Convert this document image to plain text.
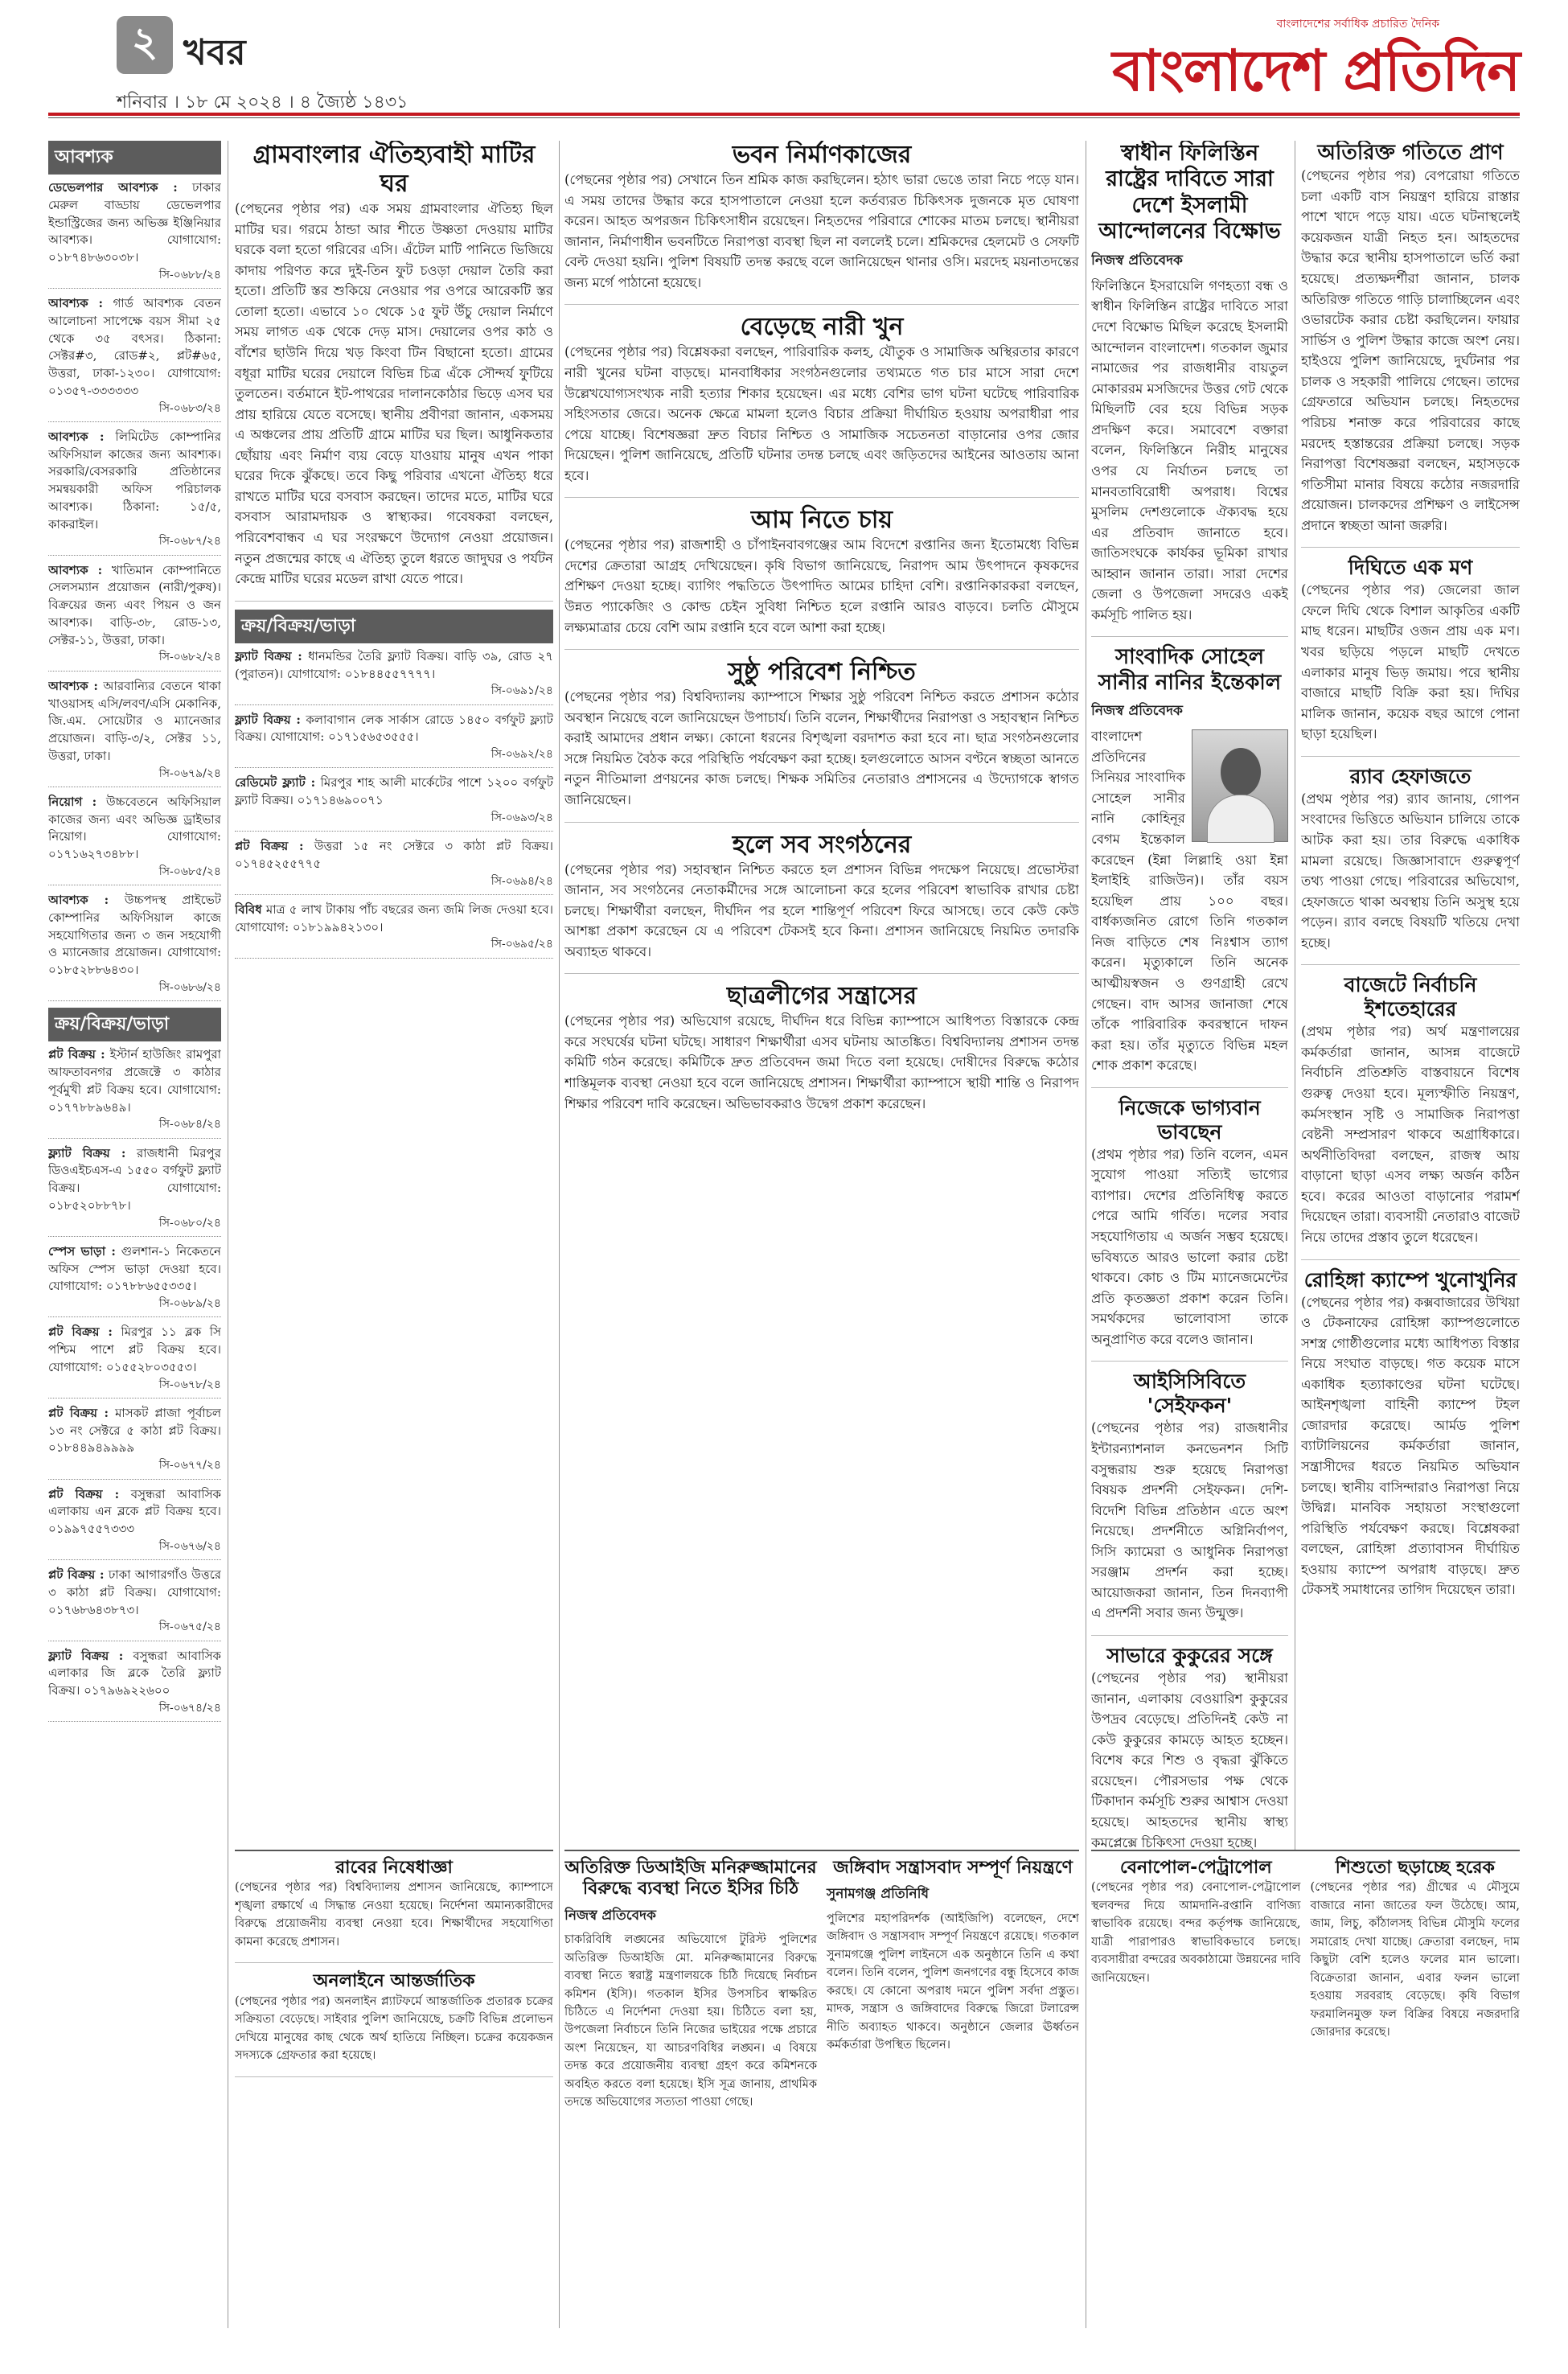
২ খবর
শনিবার । ১৮ মে ২০২৪ । ৪ জ্যৈষ্ঠ ১৪৩১
বাংলাদেশের সর্বাধিক প্রচারিত দৈনিক
বাংলাদেশ প্রতিদিন
আবশ্যক
ডেভেলপার আবশ্যক : ঢাকার মেরুল বাড্ডায় ডেভেলপার ইন্ডাস্ট্রিজের জন্য অভিজ্ঞ ইঞ্জিনিয়ার আবশ্যক। যোগাযোগ: ০১৮৭৪৮৬৩০৩৮।
সি-০৬৮৮/২৪
আবশ্যক : গার্ড আবশ্যক বেতন আলোচনা সাপেক্ষে বয়স সীমা ২৫ থেকে ৩৫ বৎসর। ঠিকানা: সেক্টর#৩, রোড#২, প্লট#৬৫, উত্তরা, ঢাকা-১২৩০। যোগাযোগ: ০১৩৫৭-৩৩৩৩৩৩
সি-০৬৮৩/২৪
আবশ্যক : লিমিটেড কোম্পানির অফিসিয়াল কাজের জন্য আবশ্যক। সরকারি/বেসরকারি প্রতিষ্ঠানের সমন্বয়কারী অফিস পরিচালক আবশ্যক। ঠিকানা: ১৫/৫, কাকরাইল।
সি-০৬৮৭/২৪
আবশ্যক : খাতিমান কোম্পানিতে সেলসম্যান প্রয়োজন (নারী/পুরুষ)। বিক্রয়ের জন্য এবং পিয়ন ও জন আবশ্যক। বাড়ি-৩৮, রোড-১৩, সেক্টর-১১, উত্তরা, ঢাকা।
সি-০৬৮২/২৪
আবশ্যক : আরবান্যির বেতনে থাকা খাওয়াসহ এসি/লবণ/এসি মেকানিক, জি.এম. সোয়েটার ও ম্যানেজার প্রয়োজন। বাড়ি-৩/২, সেক্টর ১১, উত্তরা, ঢাকা।
সি-০৬৭৯/২৪
নিয়োগ : উচ্চবেতনে অফিসিয়াল কাজের জন্য এবং অভিজ্ঞ ড্রাইভার নিয়োগ। যোগাযোগ: ০১৭১৬২৭৩৪৮৮।
সি-০৬৮৫/২৪
আবশ্যক : উচ্চপদস্থ প্রাইভেট কোম্পানির অফিসিয়াল কাজে সহযোগিতার জন্য ৩ জন সহযোগী ও ম্যানেজার প্রয়োজন। যোগাযোগ: ০১৮৫২৮৮৬৪৩০।
সি-০৬৮৬/২৪
ক্রয়/বিক্রয়/ভাড়া
প্লট বিক্রয় : ইস্টার্ন হাউজিং রামপুরা আফতাবনগর প্রজেক্টে ৩ কাঠার পূর্বমুখী প্লট বিক্রয় হবে। যোগাযোগ: ০১৭৭৮৮৯৬৪৯।
সি-০৬৮৪/২৪
ফ্ল্যাট বিক্রয় : রাজধানী মিরপুর ডিওএইচএস-এ ১৫৫০ বর্গফুট ফ্ল্যাট বিক্রয়। যোগাযোগ: ০১৮৫২০৮৮৭৮।
সি-০৬৮০/২৪
স্পেস ভাড়া : গুলশান-১ নিকেতনে অফিস স্পেস ভাড়া দেওয়া হবে। যোগাযোগ: ০১৭৮৮৬৫৫৩৩৫।
সি-০৬৮৯/২৪
প্লট বিক্রয় : মিরপুর ১১ ব্লক সি পশ্চিম পাশে প্লট বিক্রয় হবে। যোগাযোগ: ০১৫৫২৮০৩৫৫৩।
সি-০৬৭৮/২৪
প্লট বিক্রয় : মাসকট প্লাজা পূর্বাচল ১৩ নং সেক্টরে ৫ কাঠা প্লট বিক্রয়। ০১৮৪৪৯৪৯৯৯৯
সি-০৬৭৭/২৪
প্লট বিক্রয় : বসুন্ধরা আবাসিক এলাকায় এন ব্লকে প্লট বিক্রয় হবে। ০১৯৯৭৫৫৭৩৩৩
সি-০৬৭৬/২৪
প্লট বিক্রয় : ঢাকা আগারগাঁও উত্তরে ৩ কাঠা প্লট বিক্রয়। যোগাযোগ: ০১৭৬৮৬৪৩৮৭৩।
সি-০৬৭৫/২৪
ফ্ল্যাট বিক্রয় : বসুন্ধরা আবাসিক এলাকার জি ব্লকে তৈরি ফ্ল্যাট বিক্রয়। ০১৭৯৬৯২২৬০০
সি-০৬৭৪/২৪
গ্রামবাংলার ঐতিহ্যবাহী মাটির ঘর

(পেছনের পৃষ্ঠার পর) এক সময় গ্রামবাংলার ঐতিহ্য ছিল মাটির ঘর। গরমে ঠান্ডা আর শীতে উষ্ণতা দেওয়ায় মাটির ঘরকে বলা হতো গরিবের এসি। এঁটেল মাটি পানিতে ভিজিয়ে কাদায় পরিণত করে দুই-তিন ফুট চওড়া দেয়াল তৈরি করা হতো। প্রতিটি স্তর শুকিয়ে নেওয়ার পর ওপরে আরেকটি স্তর তোলা হতো। এভাবে ১০ থেকে ১৫ ফুট উঁচু দেয়াল নির্মাণে সময় লাগত এক থেকে দেড় মাস। দেয়ালের ওপর কাঠ ও বাঁশের ছাউনি দিয়ে খড় কিংবা টিন বিছানো হতো। গ্রামের বধূরা মাটির ঘরের দেয়ালে বিভিন্ন চিত্র এঁকে সৌন্দর্য ফুটিয়ে তুলতেন। বর্তমানে ইট-পাথরের দালানকোঠার ভিড়ে এসব ঘর প্রায় হারিয়ে যেতে বসেছে। স্থানীয় প্রবীণরা জানান, একসময় এ অঞ্চলের প্রায় প্রতিটি গ্রামে মাটির ঘর ছিল। আধুনিকতার ছোঁয়ায় এবং নির্মাণ ব্যয় বেড়ে যাওয়ায় মানুষ এখন পাকা ঘরের দিকে ঝুঁকছে। তবে কিছু পরিবার এখনো ঐতিহ্য ধরে রাখতে মাটির ঘরে বসবাস করছেন। তাদের মতে, মাটির ঘরে বসবাস আরামদায়ক ও স্বাস্থ্যকর। গবেষকরা বলছেন, পরিবেশবান্ধব এ ঘর সংরক্ষণে উদ্যোগ নেওয়া প্রয়োজন। নতুন প্রজন্মের কাছে এ ঐতিহ্য তুলে ধরতে জাদুঘর ও পর্যটন কেন্দ্রে মাটির ঘরের মডেল রাখা যেতে পারে।

ক্রয়/বিক্রয়/ভাড়া
ফ্ল্যাট বিক্রয় : ধানমন্ডির তৈরি ফ্ল্যাট বিক্রয়। বাড়ি ৩৯, রোড ২৭ (পুরাতন)। যোগাযোগ: ০১৮৪৪৫৫৭৭৭৭।
সি-০৬৯১/২৪
ফ্ল্যাট বিক্রয় : কলাবাগান লেক সার্কাস রোডে ১৪৫০ বর্গফুট ফ্ল্যাট বিক্রয়। যোগাযোগ: ০১৭১৫৬৫৩৫৫৫।
সি-০৬৯২/২৪
রেডিমেট ফ্ল্যাট : মিরপুর শাহ আলী মার্কেটের পাশে ১২০০ বর্গফুট ফ্ল্যাট বিক্রয়। ০১৭১৪৬৯০০৭১
সি-০৬৯৩/২৪
প্লট বিক্রয় : উত্তরা ১৫ নং সেক্টরে ৩ কাঠা প্লট বিক্রয়। ০১৭৪৫২৫৫৭৭৫
সি-০৬৯৪/২৪
বিবিধ মাত্র ৫ লাখ টাকায় পাঁচ বছরের জন্য জমি লিজ দেওয়া হবে। যোগাযোগ: ০১৮১৯৯৪২১৩০।
সি-০৬৯৫/২৪
ভবন নির্মাণকাজের

(পেছনের পৃষ্ঠার পর) সেখানে তিন শ্রমিক কাজ করছিলেন। হঠাৎ ভারা ভেঙে তারা নিচে পড়ে যান। এ সময় তাদের উদ্ধার করে হাসপাতালে নেওয়া হলে কর্তব্যরত চিকিৎসক দুজনকে মৃত ঘোষণা করেন। আহত অপরজন চিকিৎসাধীন রয়েছেন। নিহতদের পরিবারে শোকের মাতম চলছে। স্থানীয়রা জানান, নির্মাণাধীন ভবনটিতে নিরাপত্তা ব্যবস্থা ছিল না বললেই চলে। শ্রমিকদের হেলমেট ও সেফটি বেল্ট দেওয়া হয়নি। পুলিশ বিষয়টি তদন্ত করছে বলে জানিয়েছেন থানার ওসি। মরদেহ ময়নাতদন্তের জন্য মর্গে পাঠানো হয়েছে।

বেড়েছে নারী খুন

(পেছনের পৃষ্ঠার পর) বিশ্লেষকরা বলছেন, পারিবারিক কলহ, যৌতুক ও সামাজিক অস্থিরতার কারণে নারী খুনের ঘটনা বাড়ছে। মানবাধিকার সংগঠনগুলোর তথ্যমতে গত চার মাসে সারা দেশে উল্লেখযোগ্যসংখ্যক নারী হত্যার শিকার হয়েছেন। এর মধ্যে বেশির ভাগ ঘটনা ঘটেছে পারিবারিক সহিংসতার জেরে। অনেক ক্ষেত্রে মামলা হলেও বিচার প্রক্রিয়া দীর্ঘায়িত হওয়ায় অপরাধীরা পার পেয়ে যাচ্ছে। বিশেষজ্ঞরা দ্রুত বিচার নিশ্চিত ও সামাজিক সচেতনতা বাড়ানোর ওপর জোর দিয়েছেন। পুলিশ জানিয়েছে, প্রতিটি ঘটনার তদন্ত চলছে এবং জড়িতদের আইনের আওতায় আনা হবে।

আম নিতে চায়

(পেছনের পৃষ্ঠার পর) রাজশাহী ও চাঁপাইনবাবগঞ্জের আম বিদেশে রপ্তানির জন্য ইতোমধ্যে বিভিন্ন দেশের ক্রেতারা আগ্রহ দেখিয়েছেন। কৃষি বিভাগ জানিয়েছে, নিরাপদ আম উৎপাদনে কৃষকদের প্রশিক্ষণ দেওয়া হচ্ছে। ব্যাগিং পদ্ধতিতে উৎপাদিত আমের চাহিদা বেশি। রপ্তানিকারকরা বলছেন, উন্নত প্যাকেজিং ও কোল্ড চেইন সুবিধা নিশ্চিত হলে রপ্তানি আরও বাড়বে। চলতি মৌসুমে লক্ষ্যমাত্রার চেয়ে বেশি আম রপ্তানি হবে বলে আশা করা হচ্ছে।

সুষ্ঠু পরিবেশ নিশ্চিত

(পেছনের পৃষ্ঠার পর) বিশ্ববিদ্যালয় ক্যাম্পাসে শিক্ষার সুষ্ঠু পরিবেশ নিশ্চিত করতে প্রশাসন কঠোর অবস্থান নিয়েছে বলে জানিয়েছেন উপাচার্য। তিনি বলেন, শিক্ষার্থীদের নিরাপত্তা ও সহাবস্থান নিশ্চিত করাই আমাদের প্রধান লক্ষ্য। কোনো ধরনের বিশৃঙ্খলা বরদাশত করা হবে না। ছাত্র সংগঠনগুলোর সঙ্গে নিয়মিত বৈঠক করে পরিস্থিতি পর্যবেক্ষণ করা হচ্ছে। হলগুলোতে আসন বণ্টনে স্বচ্ছতা আনতে নতুন নীতিমালা প্রণয়নের কাজ চলছে। শিক্ষক সমিতির নেতারাও প্রশাসনের এ উদ্যোগকে স্বাগত জানিয়েছেন।

হলে সব সংগঠনের

(পেছনের পৃষ্ঠার পর) সহাবস্থান নিশ্চিত করতে হল প্রশাসন বিভিন্ন পদক্ষেপ নিয়েছে। প্রভোস্টরা জানান, সব সংগঠনের নেতাকর্মীদের সঙ্গে আলোচনা করে হলের পরিবেশ স্বাভাবিক রাখার চেষ্টা চলছে। শিক্ষার্থীরা বলছেন, দীর্ঘদিন পর হলে শান্তিপূর্ণ পরিবেশ ফিরে আসছে। তবে কেউ কেউ আশঙ্কা প্রকাশ করেছেন যে এ পরিবেশ টেকসই হবে কিনা। প্রশাসন জানিয়েছে নিয়মিত তদারকি অব্যাহত থাকবে।

ছাত্রলীগের সন্ত্রাসের

(পেছনের পৃষ্ঠার পর) অভিযোগ রয়েছে, দীর্ঘদিন ধরে বিভিন্ন ক্যাম্পাসে আধিপত্য বিস্তারকে কেন্দ্র করে সংঘর্ষের ঘটনা ঘটছে। সাধারণ শিক্ষার্থীরা এসব ঘটনায় আতঙ্কিত। বিশ্ববিদ্যালয় প্রশাসন তদন্ত কমিটি গঠন করেছে। কমিটিকে দ্রুত প্রতিবেদন জমা দিতে বলা হয়েছে। দোষীদের বিরুদ্ধে কঠোর শাস্তিমূলক ব্যবস্থা নেওয়া হবে বলে জানিয়েছে প্রশাসন। শিক্ষার্থীরা ক্যাম্পাসে স্থায়ী শান্তি ও নিরাপদ শিক্ষার পরিবেশ দাবি করেছেন। অভিভাবকরাও উদ্বেগ প্রকাশ করেছেন।

স্বাধীন ফিলিস্তিন রাষ্ট্রের দাবিতে সারা দেশে ইসলামী আন্দোলনের বিক্ষোভ
নিজস্ব প্রতিবেদক

ফিলিস্তিনে ইসরায়েলি গণহত্যা বন্ধ ও স্বাধীন ফিলিস্তিন রাষ্ট্রের দাবিতে সারা দেশে বিক্ষোভ মিছিল করেছে ইসলামী আন্দোলন বাংলাদেশ। গতকাল জুমার নামাজের পর রাজধানীর বায়তুল মোকাররম মসজিদের উত্তর গেট থেকে মিছিলটি বের হয়ে বিভিন্ন সড়ক প্রদক্ষিণ করে। সমাবেশে বক্তারা বলেন, ফিলিস্তিনে নিরীহ মানুষের ওপর যে নির্যাতন চলছে তা মানবতাবিরোধী অপরাধ। বিশ্বের মুসলিম দেশগুলোকে ঐক্যবদ্ধ হয়ে এর প্রতিবাদ জানাতে হবে। জাতিসংঘকে কার্যকর ভূমিকা রাখার আহ্বান জানান তারা। সারা দেশের জেলা ও উপজেলা সদরেও একই কর্মসূচি পালিত হয়।

সাংবাদিক সোহেল সানীর নানির ইন্তেকাল
নিজস্ব প্রতিবেদক

বাংলাদেশ প্রতিদিনের সিনিয়র সাংবাদিক সোহেল সানীর নানি কোহিনূর বেগম ইন্তেকাল করেছেন (ইন্না লিল্লাহি ওয়া ইন্না ইলাইহি রাজিউন)। তাঁর বয়স হয়েছিল প্রায় ১০০ বছর। বার্ধক্যজনিত রোগে তিনি গতকাল নিজ বাড়িতে শেষ নিঃশ্বাস ত্যাগ করেন। মৃত্যুকালে তিনি অনেক আত্মীয়স্বজন ও গুণগ্রাহী রেখে গেছেন। বাদ আসর জানাজা শেষে তাঁকে পারিবারিক কবরস্থানে দাফন করা হয়। তাঁর মৃত্যুতে বিভিন্ন মহল শোক প্রকাশ করেছে।

নিজেকে ভাগ্যবান ভাবছেন

(প্রথম পৃষ্ঠার পর) তিনি বলেন, এমন সুযোগ পাওয়া সত্যিই ভাগ্যের ব্যাপার। দেশের প্রতিনিধিত্ব করতে পেরে আমি গর্বিত। দলের সবার সহযোগিতায় এ অর্জন সম্ভব হয়েছে। ভবিষ্যতে আরও ভালো করার চেষ্টা থাকবে। কোচ ও টিম ম্যানেজমেন্টের প্রতি কৃতজ্ঞতা প্রকাশ করেন তিনি। সমর্থকদের ভালোবাসা তাকে অনুপ্রাণিত করে বলেও জানান।

আইসিসিবিতে 'সেইফকন'

(পেছনের পৃষ্ঠার পর) রাজধানীর ইন্টারন্যাশনাল কনভেনশন সিটি বসুন্ধরায় শুরু হয়েছে নিরাপত্তা বিষয়ক প্রদর্শনী সেইফকন। দেশি-বিদেশি বিভিন্ন প্রতিষ্ঠান এতে অংশ নিয়েছে। প্রদর্শনীতে অগ্নিনির্বাপণ, সিসি ক্যামেরা ও আধুনিক নিরাপত্তা সরঞ্জাম প্রদর্শন করা হচ্ছে। আয়োজকরা জানান, তিন দিনব্যাপী এ প্রদর্শনী সবার জন্য উন্মুক্ত।

সাভারে কুকুরের সঙ্গে

(পেছনের পৃষ্ঠার পর) স্থানীয়রা জানান, এলাকায় বেওয়ারিশ কুকুরের উপদ্রব বেড়েছে। প্রতিদিনই কেউ না কেউ কুকুরের কামড়ে আহত হচ্ছেন। বিশেষ করে শিশু ও বৃদ্ধরা ঝুঁকিতে রয়েছেন। পৌরসভার পক্ষ থেকে টিকাদান কর্মসূচি শুরুর আশ্বাস দেওয়া হয়েছে। আহতদের স্থানীয় স্বাস্থ্য কমপ্লেক্সে চিকিৎসা দেওয়া হচ্ছে।

অতিরিক্ত গতিতে প্রাণ

(পেছনের পৃষ্ঠার পর) বেপরোয়া গতিতে চলা একটি বাস নিয়ন্ত্রণ হারিয়ে রাস্তার পাশে খাদে পড়ে যায়। এতে ঘটনাস্থলেই কয়েকজন যাত্রী নিহত হন। আহতদের উদ্ধার করে স্থানীয় হাসপাতালে ভর্তি করা হয়েছে। প্রত্যক্ষদর্শীরা জানান, চালক অতিরিক্ত গতিতে গাড়ি চালাচ্ছিলেন এবং ওভারটেক করার চেষ্টা করছিলেন। ফায়ার সার্ভিস ও পুলিশ উদ্ধার কাজে অংশ নেয়। হাইওয়ে পুলিশ জানিয়েছে, দুর্ঘটনার পর চালক ও সহকারী পালিয়ে গেছেন। তাদের গ্রেফতারে অভিযান চলছে। নিহতদের পরিচয় শনাক্ত করে পরিবারের কাছে মরদেহ হস্তান্তরের প্রক্রিয়া চলছে। সড়ক নিরাপত্তা বিশেষজ্ঞরা বলছেন, মহাসড়কে গতিসীমা মানার বিষয়ে কঠোর নজরদারি প্রয়োজন। চালকদের প্রশিক্ষণ ও লাইসেন্স প্রদানে স্বচ্ছতা আনা জরুরি।

দিঘিতে এক মণ

(পেছনের পৃষ্ঠার পর) জেলেরা জাল ফেলে দিঘি থেকে বিশাল আকৃতির একটি মাছ ধরেন। মাছটির ওজন প্রায় এক মণ। খবর ছড়িয়ে পড়লে মাছটি দেখতে এলাকার মানুষ ভিড় জমায়। পরে স্থানীয় বাজারে মাছটি বিক্রি করা হয়। দিঘির মালিক জানান, কয়েক বছর আগে পোনা ছাড়া হয়েছিল।

র‌্যাব হেফাজতে

(প্রথম পৃষ্ঠার পর) র‌্যাব জানায়, গোপন সংবাদের ভিত্তিতে অভিযান চালিয়ে তাকে আটক করা হয়। তার বিরুদ্ধে একাধিক মামলা রয়েছে। জিজ্ঞাসাবাদে গুরুত্বপূর্ণ তথ্য পাওয়া গেছে। পরিবারের অভিযোগ, হেফাজতে থাকা অবস্থায় তিনি অসুস্থ হয়ে পড়েন। র‌্যাব বলছে বিষয়টি খতিয়ে দেখা হচ্ছে।

বাজেটে নির্বাচনি ইশতেহারের

(প্রথম পৃষ্ঠার পর) অর্থ মন্ত্রণালয়ের কর্মকর্তারা জানান, আসন্ন বাজেটে নির্বাচনি প্রতিশ্রুতি বাস্তবায়নে বিশেষ গুরুত্ব দেওয়া হবে। মূল্যস্ফীতি নিয়ন্ত্রণ, কর্মসংস্থান সৃষ্টি ও সামাজিক নিরাপত্তা বেষ্টনী সম্প্রসারণ থাকবে অগ্রাধিকারে। অর্থনীতিবিদরা বলছেন, রাজস্ব আয় বাড়ানো ছাড়া এসব লক্ষ্য অর্জন কঠিন হবে। করের আওতা বাড়ানোর পরামর্শ দিয়েছেন তারা। ব্যবসায়ী নেতারাও বাজেট নিয়ে তাদের প্রস্তাব তুলে ধরেছেন।

রোহিঙ্গা ক্যাম্পে খুনোখুনির

(পেছনের পৃষ্ঠার পর) কক্সবাজারের উখিয়া ও টেকনাফের রোহিঙ্গা ক্যাম্পগুলোতে সশস্ত্র গোষ্ঠীগুলোর মধ্যে আধিপত্য বিস্তার নিয়ে সংঘাত বাড়ছে। গত কয়েক মাসে একাধিক হত্যাকাণ্ডের ঘটনা ঘটেছে। আইনশৃঙ্খলা বাহিনী ক্যাম্পে টহল জোরদার করেছে। আর্মড পুলিশ ব্যাটালিয়নের কর্মকর্তারা জানান, সন্ত্রাসীদের ধরতে নিয়মিত অভিযান চলছে। স্থানীয় বাসিন্দারাও নিরাপত্তা নিয়ে উদ্বিগ্ন। মানবিক সহায়তা সংস্থাগুলো পরিস্থিতি পর্যবেক্ষণ করছে। বিশ্লেষকরা বলছেন, রোহিঙ্গা প্রত্যাবাসন দীর্ঘায়িত হওয়ায় ক্যাম্পে অপরাধ বাড়ছে। দ্রুত টেকসই সমাধানের তাগিদ দিয়েছেন তারা।

অতিরিক্ত ডিআইজি মনিরুজ্জামানের বিরুদ্ধে ব্যবস্থা নিতে ইসির চিঠি
নিজস্ব প্রতিবেদক

চাকরিবিধি লঙ্ঘনের অভিযোগে টুরিস্ট পুলিশের অতিরিক্ত ডিআইজি মো. মনিরুজ্জামানের বিরুদ্ধে ব্যবস্থা নিতে স্বরাষ্ট্র মন্ত্রণালয়কে চিঠি দিয়েছে নির্বাচন কমিশন (ইসি)। গতকাল ইসির উপসচিব স্বাক্ষরিত চিঠিতে এ নির্দেশনা দেওয়া হয়। চিঠিতে বলা হয়, উপজেলা নির্বাচনে তিনি নিজের ভাইয়ের পক্ষে প্রচারে অংশ নিয়েছেন, যা আচরণবিধির লঙ্ঘন। এ বিষয়ে তদন্ত করে প্রয়োজনীয় ব্যবস্থা গ্রহণ করে কমিশনকে অবহিত করতে বলা হয়েছে। ইসি সূত্র জানায়, প্রাথমিক তদন্তে অভিযোগের সত্যতা পাওয়া গেছে।

জঙ্গিবাদ সন্ত্রাসবাদ সম্পূর্ণ নিয়ন্ত্রণে
সুনামগঞ্জ প্রতিনিধি

পুলিশের মহাপরিদর্শক (আইজিপি) বলেছেন, দেশে জঙ্গিবাদ ও সন্ত্রাসবাদ সম্পূর্ণ নিয়ন্ত্রণে রয়েছে। গতকাল সুনামগঞ্জে পুলিশ লাইনসে এক অনুষ্ঠানে তিনি এ কথা বলেন। তিনি বলেন, পুলিশ জনগণের বন্ধু হিসেবে কাজ করছে। যে কোনো অপরাধ দমনে পুলিশ সর্বদা প্রস্তুত। মাদক, সন্ত্রাস ও জঙ্গিবাদের বিরুদ্ধে জিরো টলারেন্স নীতি অব্যাহত থাকবে। অনুষ্ঠানে জেলার ঊর্ধ্বতন কর্মকর্তারা উপস্থিত ছিলেন।

রাবের নিষেধাজ্ঞা

(পেছনের পৃষ্ঠার পর) বিশ্ববিদ্যালয় প্রশাসন জানিয়েছে, ক্যাম্পাসে শৃঙ্খলা রক্ষার্থে এ সিদ্ধান্ত নেওয়া হয়েছে। নির্দেশনা অমান্যকারীদের বিরুদ্ধে প্রয়োজনীয় ব্যবস্থা নেওয়া হবে। শিক্ষার্থীদের সহযোগিতা কামনা করেছে প্রশাসন।

অনলাইনে আন্তর্জাতিক

(পেছনের পৃষ্ঠার পর) অনলাইন প্ল্যাটফর্মে আন্তর্জাতিক প্রতারক চক্রের সক্রিয়তা বেড়েছে। সাইবার পুলিশ জানিয়েছে, চক্রটি বিভিন্ন প্রলোভন দেখিয়ে মানুষের কাছ থেকে অর্থ হাতিয়ে নিচ্ছিল। চক্রের কয়েকজন সদস্যকে গ্রেফতার করা হয়েছে।

বেনাপোল-পেট্রাপোল

(পেছনের পৃষ্ঠার পর) বেনাপোল-পেট্রাপোল স্থলবন্দর দিয়ে আমদানি-রপ্তানি বাণিজ্য স্বাভাবিক রয়েছে। বন্দর কর্তৃপক্ষ জানিয়েছে, যাত্রী পারাপারও স্বাভাবিকভাবে চলছে। ব্যবসায়ীরা বন্দরের অবকাঠামো উন্নয়নের দাবি জানিয়েছেন।

শিশুতো ছড়াচ্ছে হরেক

(পেছনের পৃষ্ঠার পর) গ্রীষ্মের এ মৌসুমে বাজারে নানা জাতের ফল উঠেছে। আম, জাম, লিচু, কাঁঠালসহ বিভিন্ন মৌসুমি ফলের সমারোহ দেখা যাচ্ছে। ক্রেতারা বলছেন, দাম কিছুটা বেশি হলেও ফলের মান ভালো। বিক্রেতারা জানান, এবার ফলন ভালো হওয়ায় সরবরাহ বেড়েছে। কৃষি বিভাগ ফরমালিনমুক্ত ফল বিক্রির বিষয়ে নজরদারি জোরদার করেছে।
